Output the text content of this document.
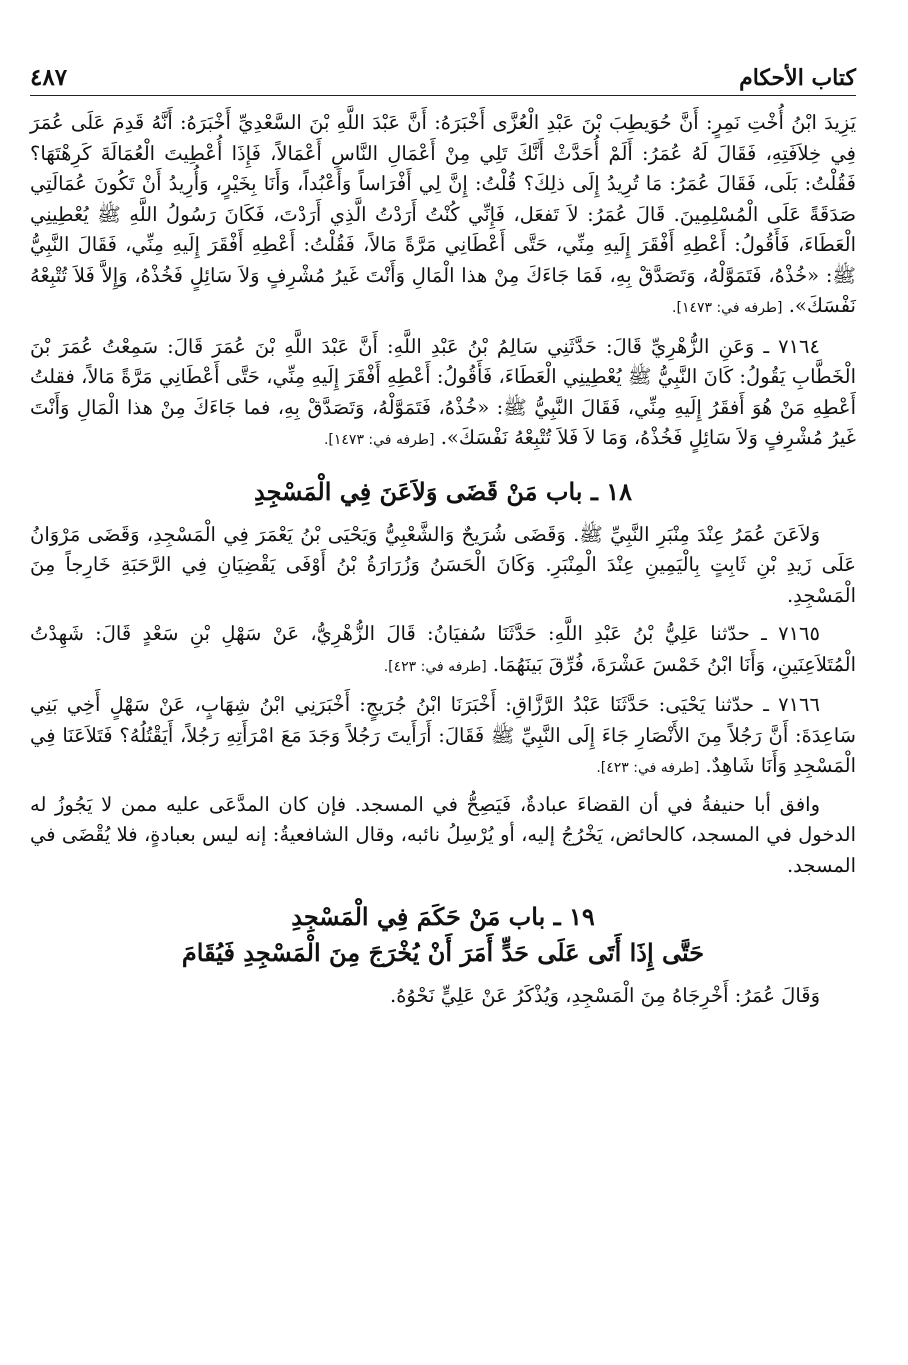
كتاب الأحكام
٤٨٧

يَزِيدَ ابْنُ أُخْتِ نَمِرٍ: أَنَّ حُوَيطِبَ بْنَ عَبْدِ الْعُزَّى أَخْبَرَهُ: أَنَّ عَبْدَ اللَّهِ بْنَ السَّعْدِيِّ أَخْبَرَهُ: أَنَّهُ قَدِمَ عَلَى عُمَرَ فِي خِلاَفَتِهِ، فَقَالَ لَهُ عُمَرُ: أَلَمْ أُحَدَّثْ أَنَّكَ تَلِي مِنْ أَعْمَالِ النَّاسِ أَعْمَالاً، فَإِذَا أُعْطِيتَ الْعُمَالَةَ كَرِهْتَهَا؟ فَقُلْتُ: بَلَى، فَقَالَ عُمَرُ: مَا تُرِيدُ إِلَى ذلِكَ؟ قُلْتُ: إِنَّ لِي أَفْرَاساً وَأَعْبُداً، وَأَنَا بِخَيْرٍ، وَأُرِيدُ أَنْ تَكُونَ عُمَالَتِي صَدَقَةً عَلَى الْمُسْلِمِينَ. قَالَ عُمَرُ: لاَ تَفعَل، فَإِنِّي كُنْتُ أَرَدْتُ الَّذِي أَرَدْتَ، فَكَانَ رَسُولُ اللَّهِ ﷺ يُعْطِينِي الْعَطَاءَ، فَأَقُولُ: أَعْطِهِ أَفْقَرَ إِلَيهِ مِنِّي، حَتَّى أَعْطَانِي مَرَّةً مَالاً، فَقُلْتُ: أَعْطِهِ أَفْقَرَ إِلَيهِ مِنِّي، فَقَالَ النَّبِيُّ ﷺ: «خُذْهُ، فَتَمَوَّلْهُ، وَتَصَدَّقْ بِهِ، فَمَا جَاءَكَ مِنْ هذا الْمَالِ وَأَنْتَ غَيرُ مُشْرِفٍ وَلاَ سَائِلٍ فَخُذْهُ، وَإِلاَّ فَلاَ تُتْبِعْهُ نَفْسَكَ». [طرفه في: ١٤٧٣].

٧١٦٤ ـ وَعَنِ الزُّهْرِيِّ قَالَ: حَدَّثَنِي سَالِمُ بْنُ عَبْدِ اللَّهِ: أَنَّ عَبْدَ اللَّهِ بْنَ عُمَرَ قَالَ: سَمِعْتُ عُمَرَ بْنَ الْخَطَّابِ يَقُولُ: كَانَ النَّبِيُّ ﷺ يُعْطِينِي الْعَطَاءَ، فَأَقُولُ: أَعْطِهِ أَفْقَرَ إِلَيهِ مِنِّي، حَتَّى أَعْطَانِي مَرَّةً مَالاً، فقلتُ أَعْطِهِ مَنْ هُوَ أَفقَرُ إِلَيهِ مِنِّي، فَقَالَ النَّبِيُّ ﷺ: «خُذْهُ، فَتَمَوَّلْهُ، وَتَصَدَّقْ بِهِ، فما جَاءَكَ مِنْ هذا الْمَالِ وَأَنْتَ غَيرُ مُشْرِفٍ وَلاَ سَائِلٍ فَخُذْهُ، وَمَا لاَ فَلاَ تُتْبِعْهُ نَفْسَكَ». [طرفه في: ١٤٧٣].

١٨ ـ باب مَنْ قَضَى وَلاَعَنَ فِي الْمَسْجِدِ

وَلاَعَنَ عُمَرُ عِنْدَ مِنْبَرِ النَّبِيِّ ﷺ. وَقَضَى شُرَيحٌ وَالشَّعْبِيُّ وَيَحْيَى بْنُ يَعْمَرَ فِي الْمَسْجِدِ، وَقَضَى مَرْوَانُ عَلَى زَيدِ بْنِ ثَابِتٍ بِالْيَمِينِ عِنْدَ الْمِنْبَرِ. وَكَانَ الْحَسَنُ وَزُرَارَةُ بْنُ أَوْفَى يَقْضِيَانِ فِي الرَّحَبَةِ خَارِجاً مِنَ الْمَسْجِدِ.

٧١٦٥ ـ حدّثنا عَلِيُّ بْنُ عَبْدِ اللَّهِ: حَدَّثَنَا سُفيَانُ: قَالَ الزُّهْرِيُّ، عَنْ سَهْلِ بْنِ سَعْدٍ قَالَ: شَهِدْتُ الْمُتَلاَعِنَينِ، وَأَنَا ابْنُ خَمْسَ عَشْرَةَ، فُرِّقَ بَينَهُمَا. [طرفه في: ٤٢٣].

٧١٦٦ ـ حدّثنا يَحْيَى: حَدَّثَنَا عَبْدُ الرَّزَّاقِ: أَخْبَرَنَا ابْنُ جُرَيجٍ: أَخْبَرَنِي ابْنُ شِهَابٍ، عَنْ سَهْلٍ أَخِي بَنِي سَاعِدَةَ: أَنَّ رَجُلاً مِنَ الأَنْصَارِ جَاءَ إِلَى النَّبِيِّ ﷺ فَقَالَ: أَرَأَيتَ رَجُلاً وَجَدَ مَعَ امْرَأَتِهِ رَجُلاً، أَيَقْتُلُهُ؟ فَتَلاَعَنَا فِي الْمَسْجِدِ وَأَنَا شَاهِدٌ. [طرفه في: ٤٢٣].

وافق أبا حنيفةُ في أن القضاءَ عبادةٌ، فَيَصِحُّ في المسجد. فإن كان المدَّعَى عليه ممن لا يَجُوزُ له الدخول في المسجد، كالحائض، يَخْرُجُ إليه، أو يُرْسِلُ نائبه، وقال الشافعيةُ: إنه ليس بعبادةٍ، فلا يُقْضَى في المسجد.

١٩ ـ باب مَنْ حَكَمَ فِي الْمَسْجِدِ
حَتَّى إِذَا أَتَى عَلَى حَدٍّ أَمَرَ أَنْ يُخْرَجَ مِنَ الْمَسْجِدِ فَيُقَامَ

وَقَالَ عُمَرُ: أَخْرِجَاهُ مِنَ الْمَسْجِدِ، وَيُذْكَرُ عَنْ عَلِيٍّ نَحْوُهُ.
